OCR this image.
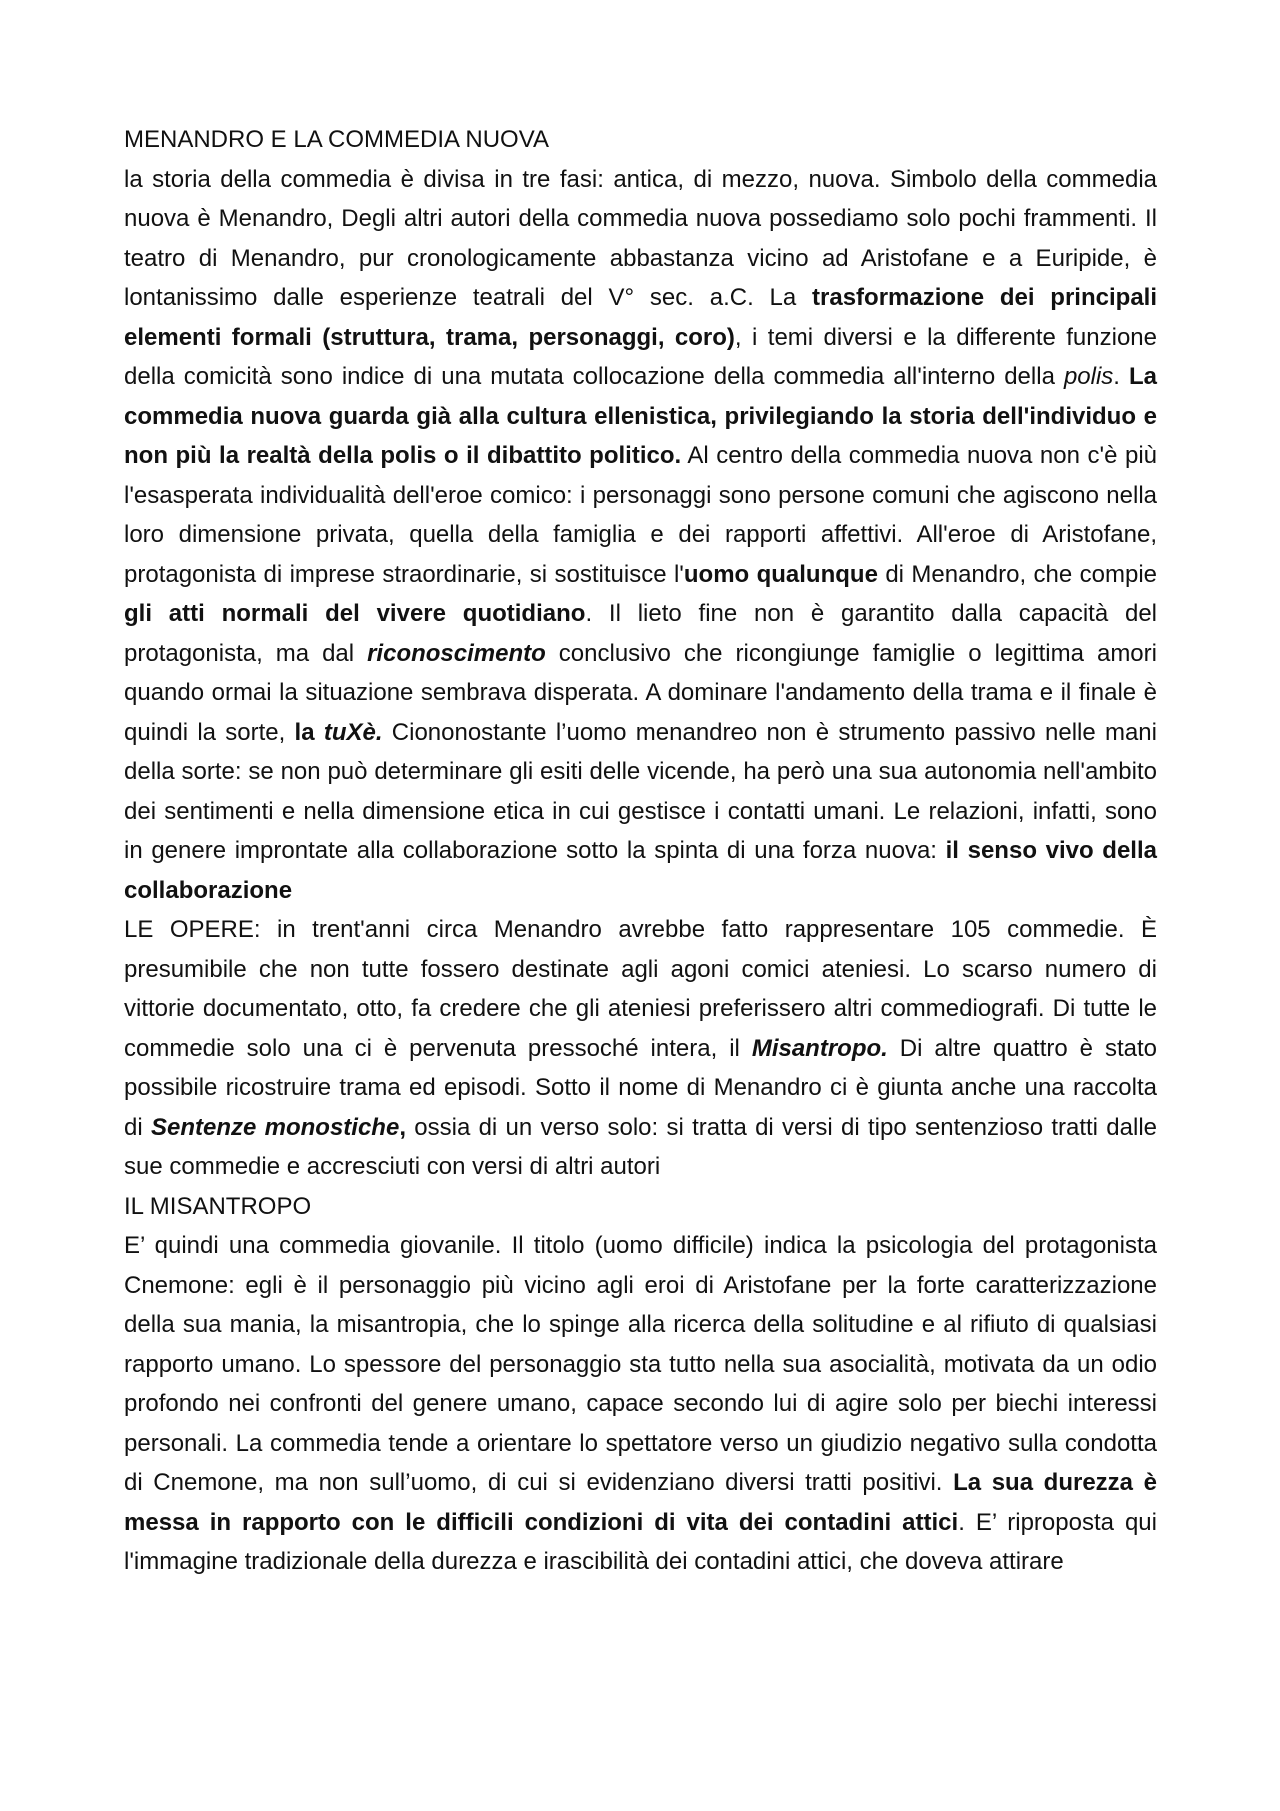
MENANDRO E LA COMMEDIA NUOVA

la storia della commedia è divisa in tre fasi: antica, di mezzo, nuova. Simbolo della commedia nuova è Menandro, Degli altri autori della commedia nuova possediamo solo pochi frammenti. Il teatro di Menandro, pur cronologicamente abbastanza vicino ad Aristofane e a Euripide, è lontanissimo dalle esperienze teatrali del V° sec. a.C. La trasformazione dei principali elementi formali (struttura, trama, personaggi, coro), i temi diversi e la differente funzione della comicità sono indice di una mutata collocazione della commedia all'interno della polis. La commedia nuova guarda già alla cultura ellenistica, privilegiando la storia dell'individuo e non più la realtà della polis o il dibattito politico. Al centro della commedia nuova non c'è più l'esasperata individualità dell'eroe comico: i personaggi sono persone comuni che agiscono nella loro dimensione privata, quella della famiglia e dei rapporti affettivi. All'eroe di Aristofane, protagonista di imprese straordinarie, si sostituisce l'uomo qualunque di Menandro, che compie gli atti normali del vivere quotidiano. Il lieto fine non è garantito dalla capacità del protagonista, ma dal riconoscimento conclusivo che ricongiunge famiglie o legittima amori quando ormai la situazione sembrava disperata. A dominare l'andamento della trama e il finale è quindi la sorte, la tuXè. Ciononostante l’uomo menandreo non è strumento passivo nelle mani della sorte: se non può determinare gli esiti delle vicende, ha però una sua autonomia nell'ambito dei sentimenti e nella dimensione etica in cui gestisce i contatti umani. Le relazioni, infatti, sono in genere improntate alla collaborazione sotto la spinta di una forza nuova: il senso vivo della collaborazione

LE OPERE: in trent'anni circa Menandro avrebbe fatto rappresentare 105 commedie. È presumibile che non tutte fossero destinate agli agoni comici ateniesi. Lo scarso numero di vittorie documentato, otto, fa credere che gli ateniesi preferissero altri commediografi. Di tutte le commedie solo una ci è pervenuta pressoché intera, il Misantropo. Di altre quattro è stato possibile ricostruire trama ed episodi. Sotto il nome di Menandro ci è giunta anche una raccolta di Sentenze monostiche, ossia di un verso solo: si tratta di versi di tipo sentenzioso tratti dalle sue commedie e accresciuti con versi di altri autori

IL MISANTROPO

E’ quindi una commedia giovanile. Il titolo (uomo difficile) indica la psicologia del protagonista Cnemone: egli è il personaggio più vicino agli eroi di Aristofane per la forte caratterizzazione della sua mania, la misantropia, che lo spinge alla ricerca della solitudine e al rifiuto di qualsiasi rapporto umano. Lo spessore del personaggio sta tutto nella sua asocialità, motivata da un odio profondo nei confronti del genere umano, capace secondo lui di agire solo per biechi interessi personali. La commedia tende a orientare lo spettatore verso un giudizio negativo sulla condotta di Cnemone, ma non sull’uomo, di cui si evidenziano diversi tratti positivi. La sua durezza è messa in rapporto con le difficili condizioni di vita dei contadini attici. E’ riproposta qui l'immagine tradizionale della durezza e irascibilità dei contadini attici, che doveva attirare
